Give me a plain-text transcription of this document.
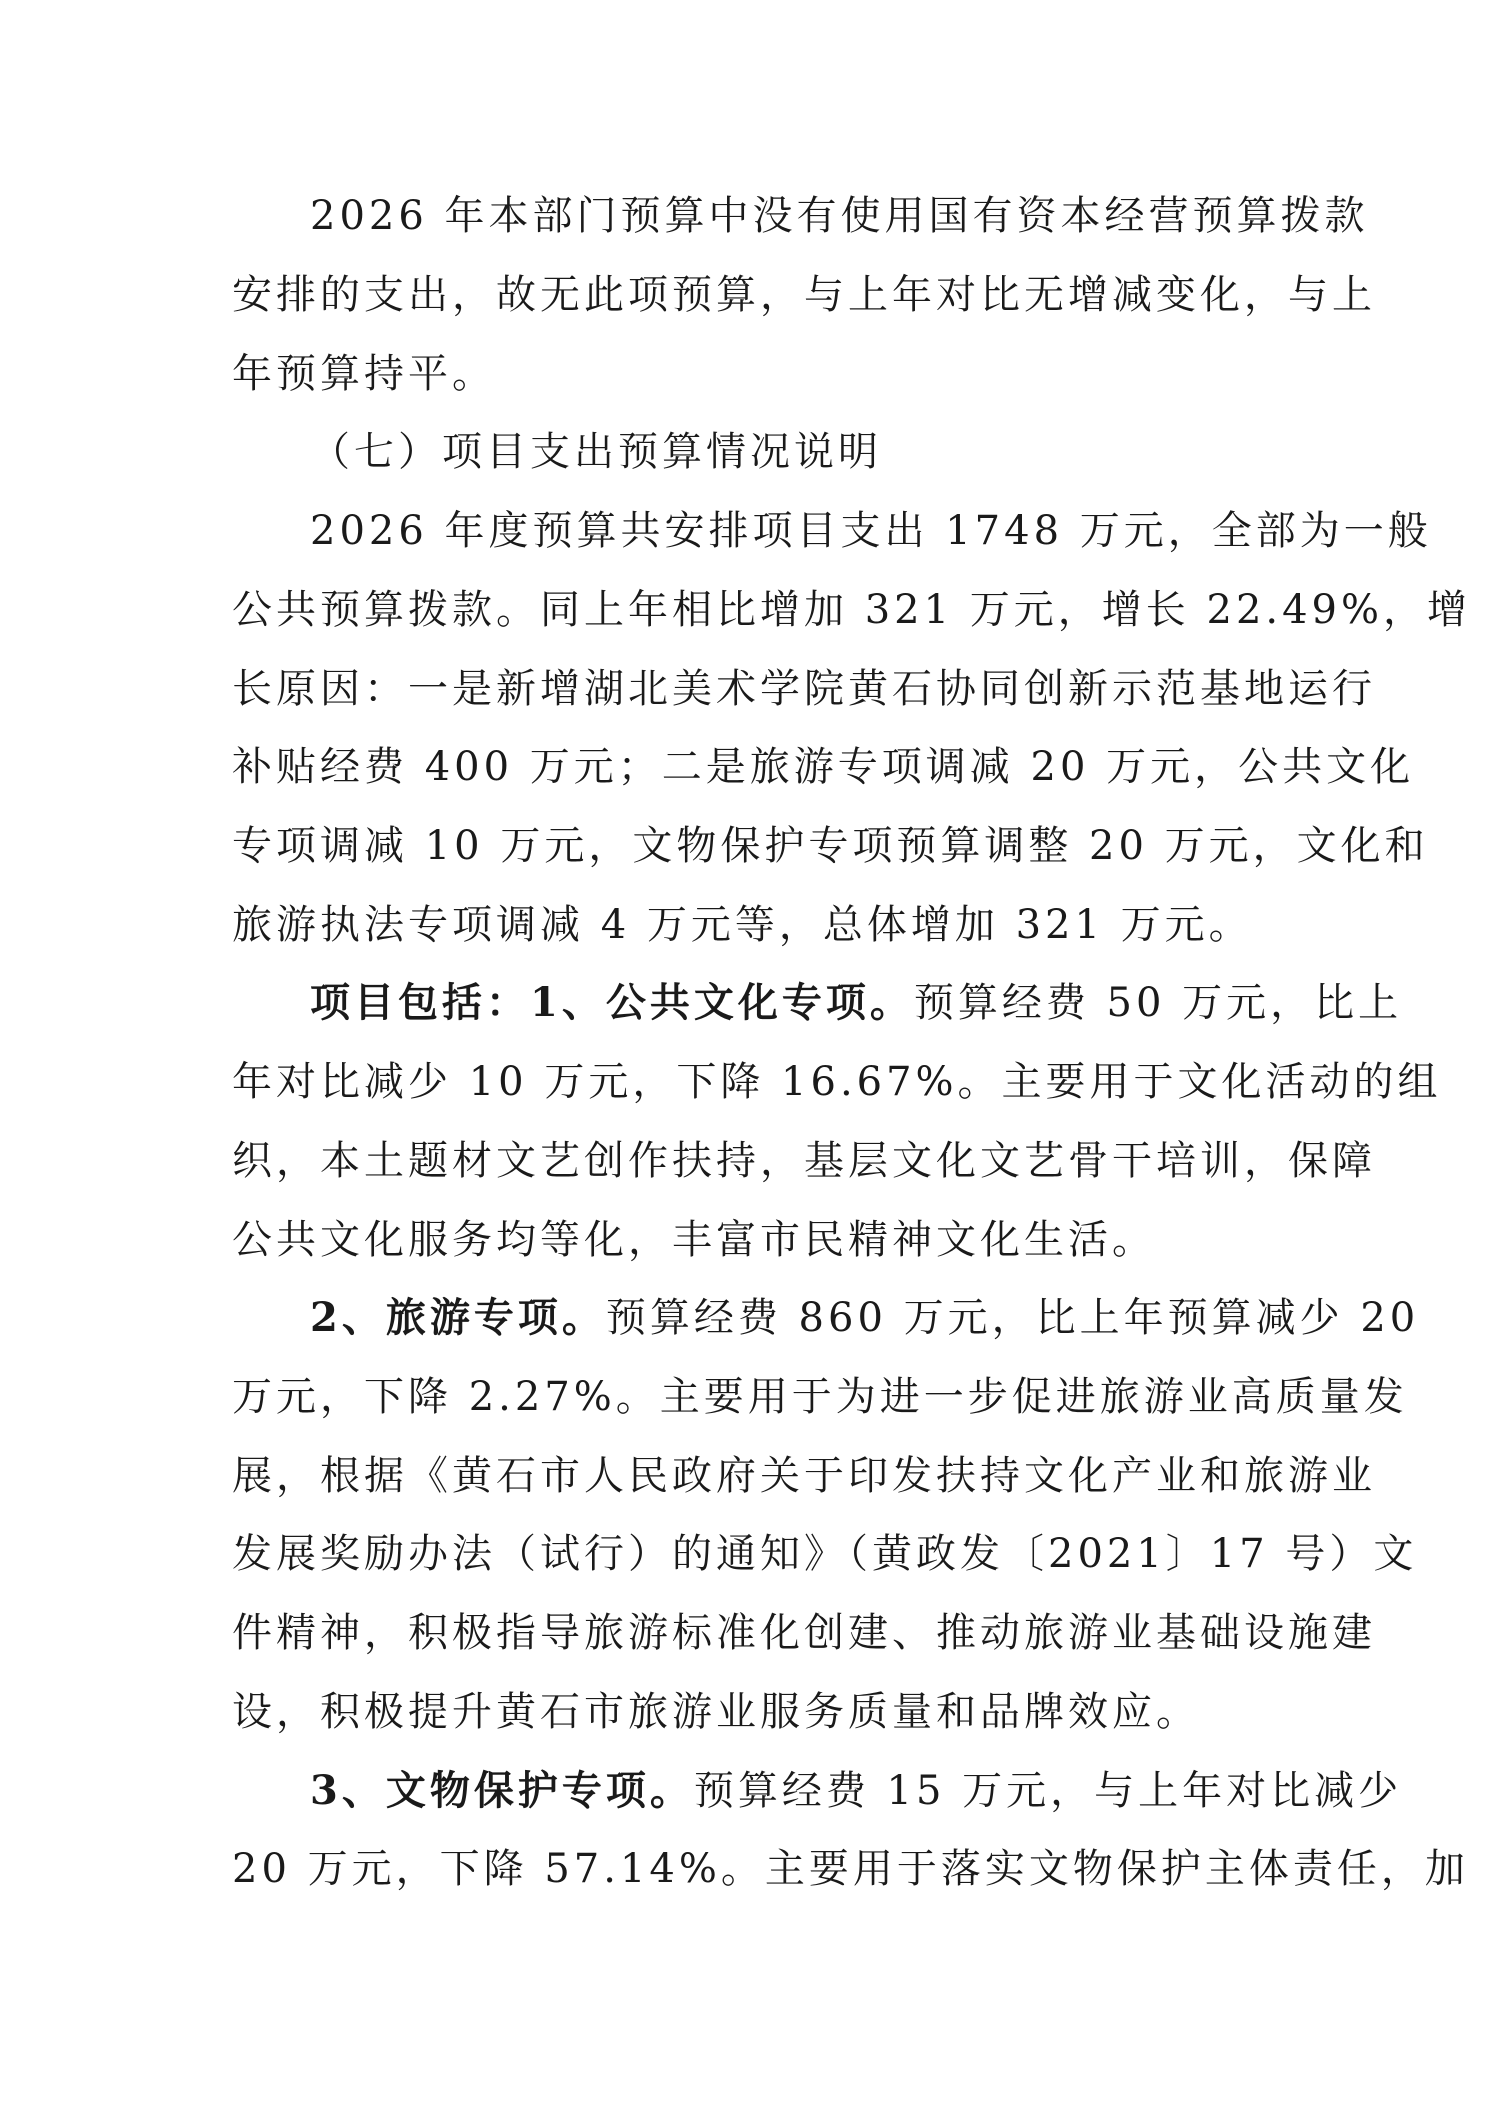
2026 年本部门预算中没有使用国有资本经营预算拨款
安排的支出，故无此项预算，与上年对比无增减变化，与上
年预算持平。
（七）项目支出预算情况说明
2026 年度预算共安排项目支出 1748 万元，全部为一般
公共预算拨款。同上年相比增加 321 万元，增长 22.49%，增
长原因：一是新增湖北美术学院黄石协同创新示范基地运行
补贴经费 400 万元；二是旅游专项调减 20 万元，公共文化
专项调减 10 万元，文物保护专项预算调整 20 万元，文化和
旅游执法专项调减 4 万元等，总体增加 321 万元。
项目包括：1、公共文化专项。预算经费 50 万元，比上
年对比减少 10 万元，下降 16.67%。主要用于文化活动的组
织，本土题材文艺创作扶持，基层文化文艺骨干培训，保障
公共文化服务均等化，丰富市民精神文化生活。
2、旅游专项。预算经费 860 万元，比上年预算减少 20
万元，下降 2.27%。主要用于为进一步促进旅游业高质量发
展，根据《黄石市人民政府关于印发扶持文化产业和旅游业
发展奖励办法（试行）的通知》（黄政发〔2021〕17 号）文
件精神，积极指导旅游标准化创建、推动旅游业基础设施建
设，积极提升黄石市旅游业服务质量和品牌效应。
3、文物保护专项。预算经费 15 万元，与上年对比减少
20 万元，下降 57.14%。主要用于落实文物保护主体责任，加
